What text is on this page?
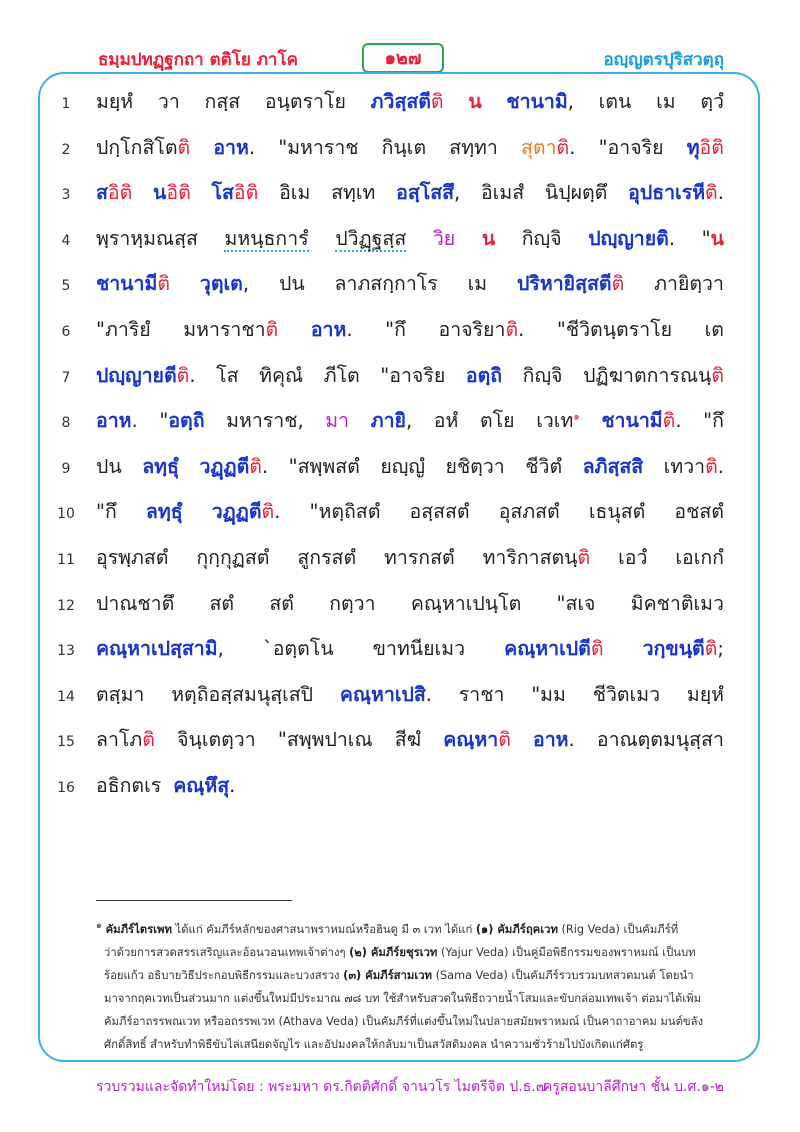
ธมฺมปทฏฺฐกถา ตติโย ภาโค	๑๒๗	อญฺญตรปุริสวตฺถุ
1 มยฺหํ วา กสฺส อนฺตราโย ภวิสฺสตีติ น ชานามิ, เตน เม ตฺวํ
2 ปกฺโกสิโตติ อาห. "มหาราช กินฺเต สทฺทา สุตาติ. "อาจริย ทุอิติ
3 สอิติ นอิติ โสอิติ อิเม สทฺเท อสฺโสสึ, อิเมสํ นิปฺผตฺตึ อุปธาเรหีติ.
4 พฺราหฺมณสฺส มหนฺธการํ ปวิฏฺฐสฺส วิย น กิญฺจิ ปญฺญายติ. "น
5 ชานามีติ วุตฺเต, ปน ลาภสกฺกาโร เม ปริหายิสฺสตีติ ภายิตฺวา
6 "ภาริยํ มหาราชาติ อาห. "กึ อาจริยาติ. "ชีวิตนฺตราโย เต
7 ปญฺญายตีติ. โส ทิคุณํ ภีโต "อาจริย อตฺถิ กิญฺจิ ปฏิฆาตการณนฺติ
8 อาห. "อตฺถิ มหาราช, มา ภายิ, อหํ ตโย เวเท$^๑$ ชานามีติ. "กึ
9 ปน ลทฺธุํ วฏฺฏตีติ. "สพฺพสตํ ยญฺญํ ยชิตฺวา ชีวิตํ ลภิสฺสสิ เทวาติ.
10 "กึ ลทฺธุํ วฏฺฏตีติ. "หตฺถิสตํ อสฺสสตํ อุสภสตํ เธนุสตํ อชสตํ
11 อุรพฺภสตํ กุกฺกุฏสตํ สูกรสตํ ทารกสตํ ทาริกาสตนฺติ เอวํ เอเกกํ
12 ปาณชาตึ สตํ สตํ กตฺวา คณฺหาเปนฺโต "สเจ มิคชาติเมว
13 คณฺหาเปสฺสามิ, `อตฺตโน ขาทนียเมว คณฺหาเปตีติ วกฺขนฺตีติ;
14 ตสฺมา หตฺถิอสฺสมนุสฺเสปิ คณฺหาเปสิ. ราชา "มม ชีวิตเมว มยฺหํ
15 ลาโภติ จินฺเตตฺวา "สพฺพปาเณ สีฆํ คณฺหาติ อาห. อาณตฺตมนุสฺสา
16 อธิกตเร คณฺหึสุ.
$^๑$ คัมภีร์ไตรเพท ได้แก่ คัมภีร์หลักของศาสนาพราหมณ์หรือฮินดู มี ๓ เวท ได้แก่ (๑) คัมภีร์ฤคเวท (Rig Veda) เป็นคัมภีร์ที่
ว่าด้วยการสวดสรรเสริญและอ้อนวอนเทพเจ้าต่างๆ (๒) คัมภีร์ยชุรเวท (Yajur Veda) เป็นคู่มือพิธีกรรมของพราหมณ์ เป็นบท
ร้อยแก้ว อธิบายวิธีประกอบพิธีกรรมและบวงสรวง (๓) คัมภีร์สามเวท (Sama Veda) เป็นคัมภีร์รวบรวมบทสวดมนต์ โดยนำ
มาจากฤคเวทเป็นส่วนมาก แต่งขึ้นใหม่มีประมาณ ๗๘ บท ใช้สำหรับสวดในพิธีถวายน้ำโสมและขับกล่อมเทพเจ้า ต่อมาได้เพิ่ม
คัมภีร์อาถรรพณเวท หรืออถรรพเวท (Athava Veda) เป็นคัมภีร์ที่แต่งขึ้นใหม่ในปลายสมัยพราหมณ์ เป็นคาถาอาคม มนต์ขลัง
ศักดิ์สิทธิ์ สำหรับทำพิธีขับไล่เสนียดจัญไร และอัปมงคลให้กลับมาเป็นสวัสดิมงคล นำความชั่วร้ายไปบังเกิดแก่ศัตรู
รวบรวมและจัดทำใหม่โดย : พระมหา ดร.กิตติศักดิ์ จานวโร ไมตรีจิต ป.ธ.๗
ครูสอนบาลีศึกษา ชั้น บ.ศ.๑-๒
